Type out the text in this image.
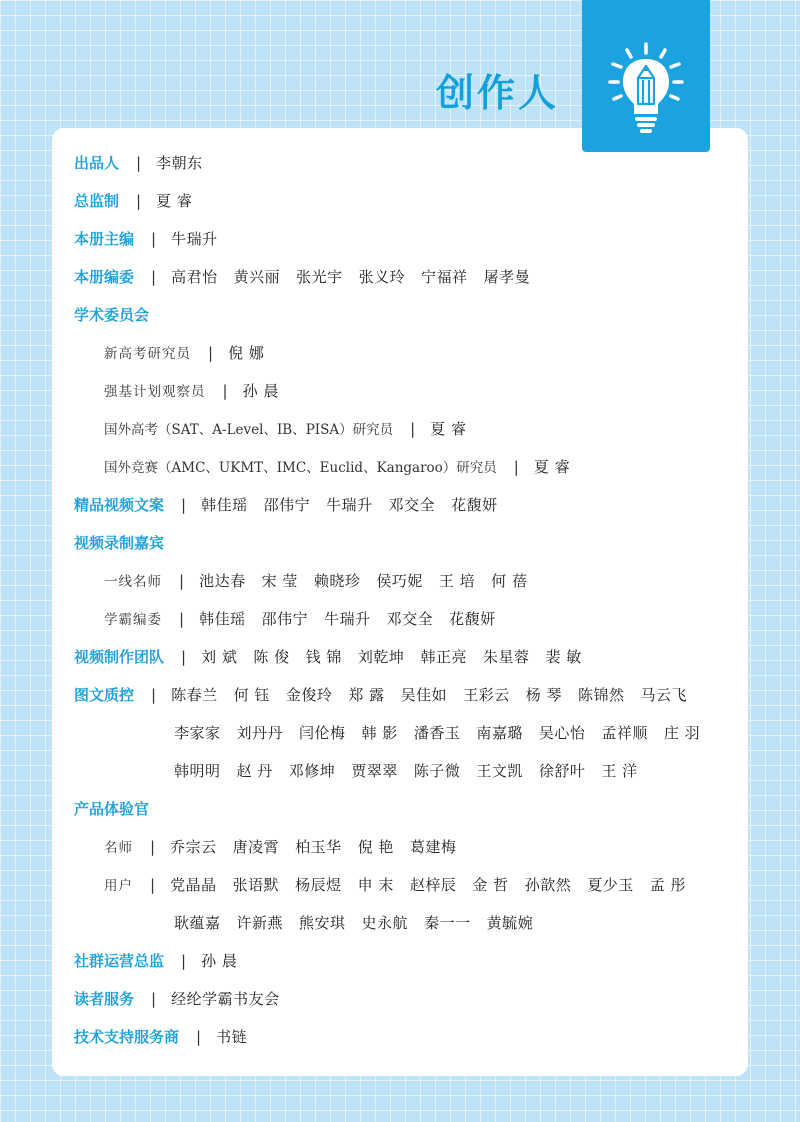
创作人
出品人 | 李朝东
总监制 | 夏 睿
本册主编 | 牛瑞升
本册编委 | 高君怡 黄兴丽 张光宇 张义玲 宁福祥 屠孝曼
学术委员会
新高考研究员 | 倪 娜
强基计划观察员 | 孙 晨
国外高考（SAT、A-Level、IB、PISA）研究员 | 夏 睿
国外竞赛（AMC、UKMT、IMC、Euclid、Kangaroo）研究员 | 夏 睿
精品视频文案 | 韩佳瑶 邵伟宁 牛瑞升 邓交全 花馥妍
视频录制嘉宾
一线名师 | 池达春 宋 莹 赖晓珍 侯巧妮 王 培 何 蓓
学霸编委 | 韩佳瑶 邵伟宁 牛瑞升 邓交全 花馥妍
视频制作团队 | 刘 斌 陈 俊 钱 锦 刘乾坤 韩正亮 朱星蓉 裴 敏
图文质控 | 陈春兰 何 钰 金俊玲 郑 露 吴佳如 王彩云 杨 琴 陈锦然 马云飞
李家家 刘丹丹 闫伦梅 韩 影 潘香玉 南嘉璐 吴心怡 孟祥顺 庄 羽
韩明明 赵 丹 邓修坤 贾翠翠 陈子微 王文凯 徐舒叶 王 洋
产品体验官
名师 | 乔宗云 唐凌霄 柏玉华 倪 艳 葛建梅
用户 | 党晶晶 张语默 杨辰煜 申 末 赵梓辰 金 哲 孙歆然 夏少玉 孟 彤
耿蕴嘉 许新燕 熊安琪 史永航 秦一一 黄毓婉
社群运营总监 | 孙 晨
读者服务 | 经纶学霸书友会
技术支持服务商 | 书链
